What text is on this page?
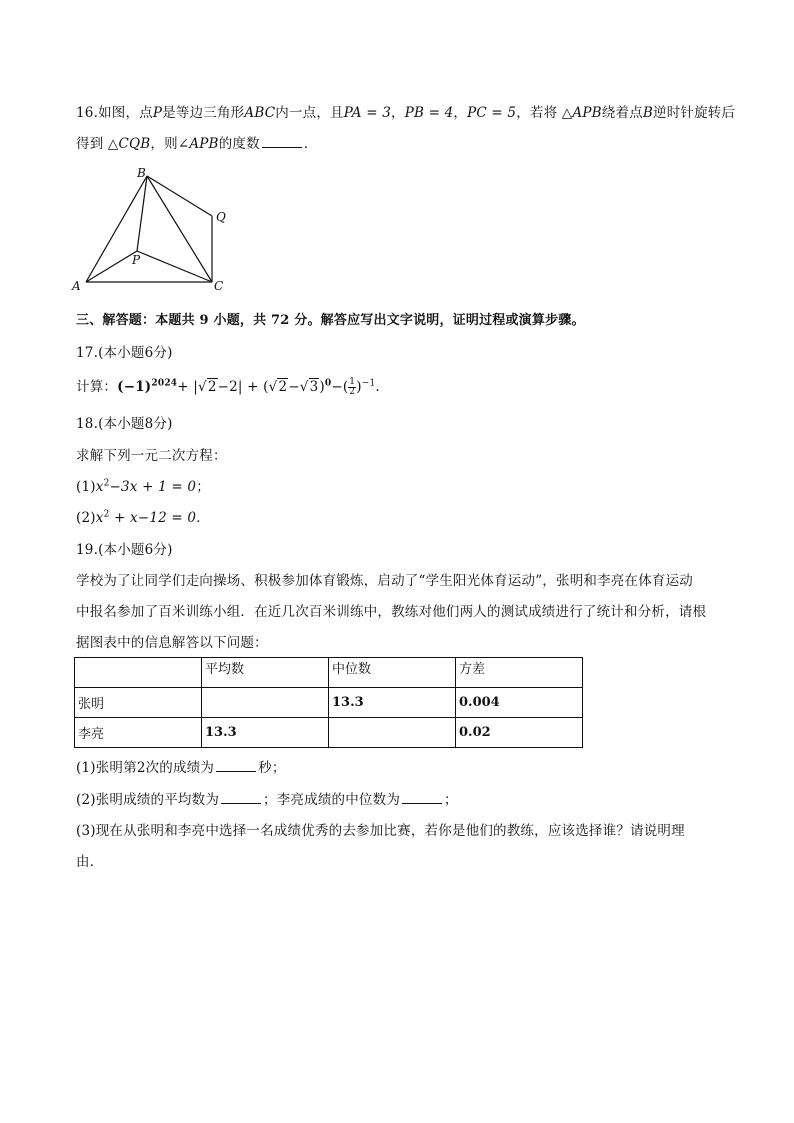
16.如图，点P是等边三角形ABC内一点，且PA = 3，PB = 4，PC = 5，若将 △APB绕着点B逆时针旋转后
得到 △CQB，则∠APB的度数	．
B
A	C
P
Q
三、解答题：本题共 9 小题，共 72 分。解答应写出文字说明，证明过程或演算步骤。
17.(本小题6分)
计算：$(-1)^{2024}+ |√2-2| + (√2-√3)^0-( \frac{1}{2} )^{-1}$.
18.(本小题8分)
求解下列一元二次方程：
$(1)x^2-3x + 1 = 0$；
$(2)x^2 + x-12 = 0$．
19.(本小题6分)
学校为了让同学们走向操场、积极参加体育锻炼，启动了“学生阳光体育运动”，张明和李亮在体育运动
中报名参加了百米训练小组．在近几次百米训练中，教练对他们两人的测试成绩进行了统计和分析，请根
据图表中的信息解答以下问题：
	平均数	中位数	方差
张明		13.3	0.004
李亮	13.3		0.02
(1)张明第2次的成绩为	秒；
(2)张明成绩的平均数为	；李亮成绩的中位数为	；
(3)现在从张明和李亮中选择一名成绩优秀的去参加比赛，若你是他们的教练，应该选择谁？请说明理
由．
